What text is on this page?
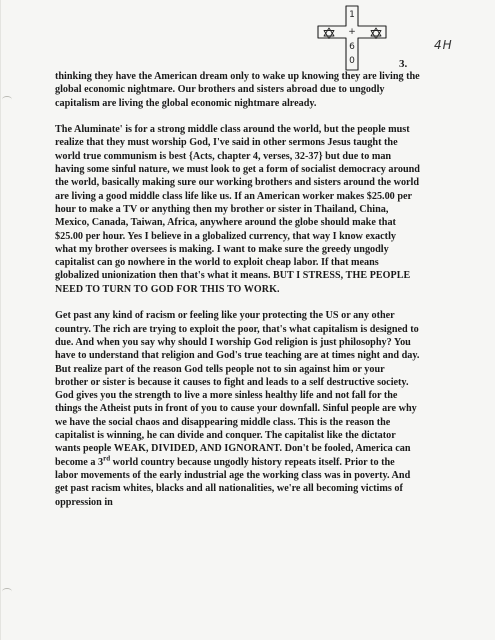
1
+
6
0	3.
4H

thinking they have the American dream only to wake up knowing they are living the global economic nightmare. Our brothers and sisters abroad due to ungodly capitalism are living the global economic nightmare already.

The Aluminate' is for a strong middle class around the world, but the people must realize that they must worship God, I've said in other sermons Jesus taught the world true communism is best {Acts, chapter 4, verses, 32-37} but due to man having some sinful nature, we must look to get a form of socialist democracy around the world, basically making sure our working brothers and sisters around the world are living a good middle class life like us. If an American worker makes $25.00 per hour to make a TV or anything then my brother or sister in Thailand, China, Mexico, Canada, Taiwan, Africa, anywhere around the globe should make that $25.00 per hour. Yes I believe in a globalized currency, that way I know exactly what my brother oversees is making. I want to make sure the greedy ungodly capitalist can go nowhere in the world to exploit cheap labor. If that means globalized unionization then that's what it means. BUT I STRESS, THE PEOPLE NEED TO TURN TO GOD FOR THIS TO WORK.

Get past any kind of racism or feeling like your protecting the US or any other country. The rich are trying to exploit the poor, that's what capitalism is designed to due. And when you say why should I worship God religion is just philosophy? You have to understand that religion and God's true teaching are at times night and day. But realize part of the reason God tells people not to sin against him or your brother or sister is because it causes to fight and leads to a self destructive society. God gives you the strength to live a more sinless healthy life and not fall for the things the Atheist puts in front of you to cause your downfall. Sinful people are why we have the social chaos and disappearing middle class. This is the reason the capitalist is winning, he can divide and conquer. The capitalist like the dictator wants people WEAK, DIVIDED, AND IGNORANT. Don't be fooled, America can become a 3rd world country because ungodly history repeats itself. Prior to the labor movements of the early industrial age the working class was in poverty. And get past racism whites, blacks and all nationalities, we're all becoming victims of oppression in
